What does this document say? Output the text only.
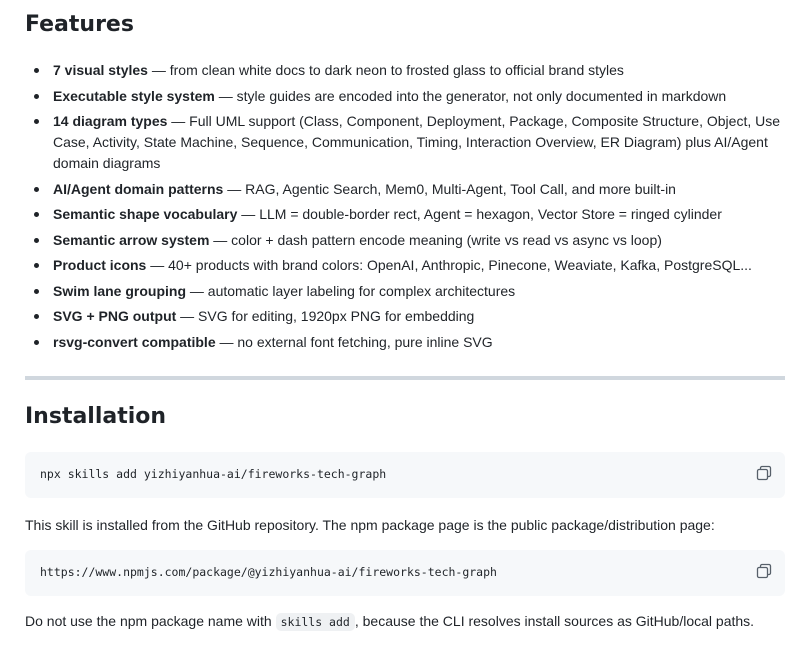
Features
7 visual styles — from clean white docs to dark neon to frosted glass to official brand styles
Executable style system — style guides are encoded into the generator, not only documented in markdown
14 diagram types — Full UML support (Class, Component, Deployment, Package, Composite Structure, Object, Use Case, Activity, State Machine, Sequence, Communication, Timing, Interaction Overview, ER Diagram) plus AI/Agent domain diagrams
AI/Agent domain patterns — RAG, Agentic Search, Mem0, Multi-Agent, Tool Call, and more built-in
Semantic shape vocabulary — LLM = double-border rect, Agent = hexagon, Vector Store = ringed cylinder
Semantic arrow system — color + dash pattern encode meaning (write vs read vs async vs loop)
Product icons — 40+ products with brand colors: OpenAI, Anthropic, Pinecone, Weaviate, Kafka, PostgreSQL...
Swim lane grouping — automatic layer labeling for complex architectures
SVG + PNG output — SVG for editing, 1920px PNG for embedding
rsvg-convert compatible — no external font fetching, pure inline SVG
Installation
npx skills add yizhiyanhua-ai/fireworks-tech-graph

This skill is installed from the GitHub repository. The npm package page is the public package/distribution page:

https://www.npmjs.com/package/@yizhiyanhua-ai/fireworks-tech-graph

Do not use the npm package name with skills add , because the CLI resolves install sources as GitHub/local paths.
